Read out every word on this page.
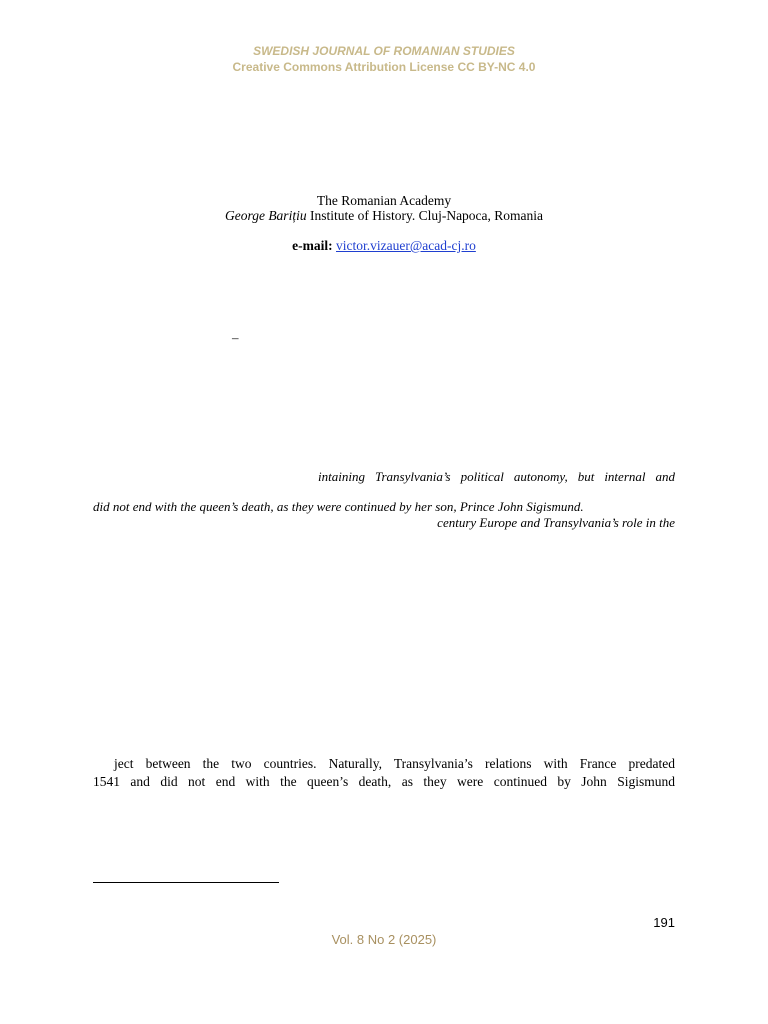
SWEDISH JOURNAL OF ROMANIAN STUDIES
Creative Commons Attribution License CC BY-NC 4.0
The Romanian Academy
George Barițiu Institute of History. Cluj-Napoca, Romania
e-mail: victor.vizauer@acad-cj.ro
–
intaining Transylvania’s political autonomy, but internal and
did not end with the queen’s death, as they were continued by her son, Prince John Sigismund.
century Europe and Transylvania’s role in the
ject between the two countries. Naturally, Transylvania’s relations with France predated
1541 and did not end with the queen’s death, as they were continued by John Sigismund
191
Vol. 8 No 2 (2025)
